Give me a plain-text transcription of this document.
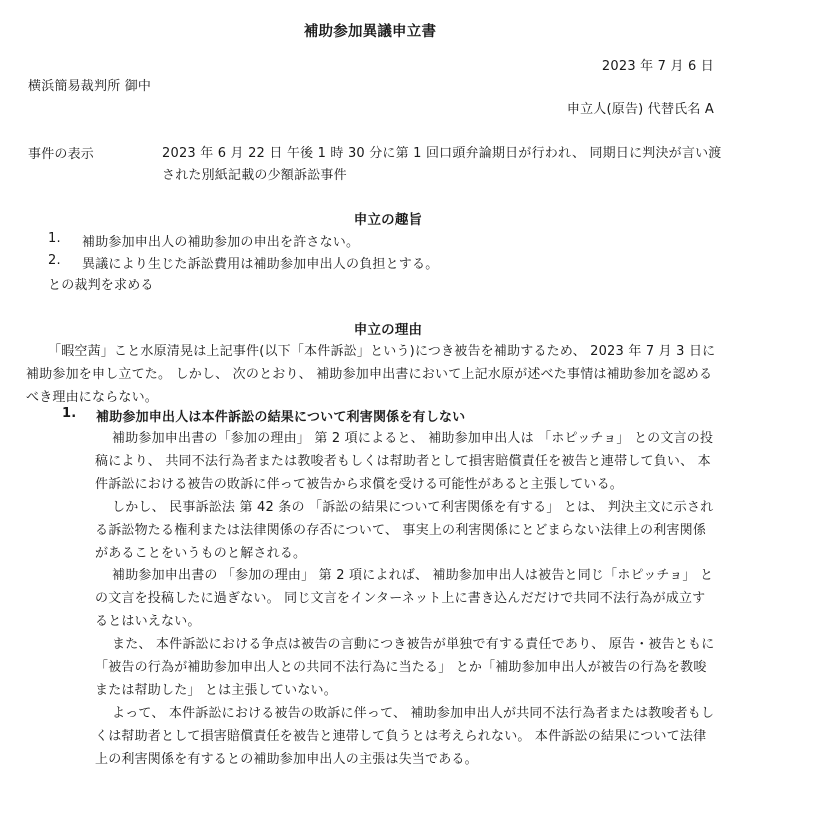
補助参加異議申立書
2023 年 7 月 6 日
横浜簡易裁判所 御中
申立人(原告) 代替氏名 A
事件の表示	2023 年 6 月 22 日 午後 1 時 30 分に第 1 回口頭弁論期日が行われ、 同期日に判決が言い渡された別紙記載の少額訴訟事件
申立の趣旨
1. 補助参加申出人の補助参加の申出を許さない。
2. 異議により生じた訴訟費用は補助参加申出人の負担とする。
との裁判を求める
申立の理由
「暇空茜」こと水原清晃は上記事件(以下「本件訴訟」という)につき被告を補助するため、 2023 年 7 月 3 日に補助参加を申し立てた。 しかし、 次のとおり、 補助参加申出書において上記水原が述べた事情は補助参加を認めるべき理由にならない。
1. 補助参加申出人は本件訴訟の結果について利害関係を有しない

補助参加申出書の「参加の理由」 第 2 項によると、 補助参加申出人は 「ホピッチョ」 との文言の投稿により、 共同不法行為者または教唆者もしくは幇助者として損害賠償責任を被告と連帯して負い、 本件訴訟における被告の敗訴に伴って被告から求償を受ける可能性があると主張している。

しかし、 民事訴訟法 第 42 条の 「訴訟の結果について利害関係を有する」 とは、 判決主文に示される訴訟物たる権利または法律関係の存否について、 事実上の利害関係にとどまらない法律上の利害関係があることをいうものと解される。

補助参加申出書の 「参加の理由」 第 2 項によれば、 補助参加申出人は被告と同じ「ホピッチョ」 との文言を投稿したに過ぎない。 同じ文言をインターネット上に書き込んだだけで共同不法行為が成立するとはいえない。

また、 本件訴訟における争点は被告の言動につき被告が単独で有する責任であり、 原告・被告ともに 「被告の行為が補助参加申出人との共同不法行為に当たる」 とか「補助参加申出人が被告の行為を教唆または幇助した」 とは主張していない。

よって、 本件訴訟における被告の敗訴に伴って、 補助参加申出人が共同不法行為者または教唆者もしくは幇助者として損害賠償責任を被告と連帯して負うとは考えられない。 本件訴訟の結果について法律上の利害関係を有するとの補助参加申出人の主張は失当である。
